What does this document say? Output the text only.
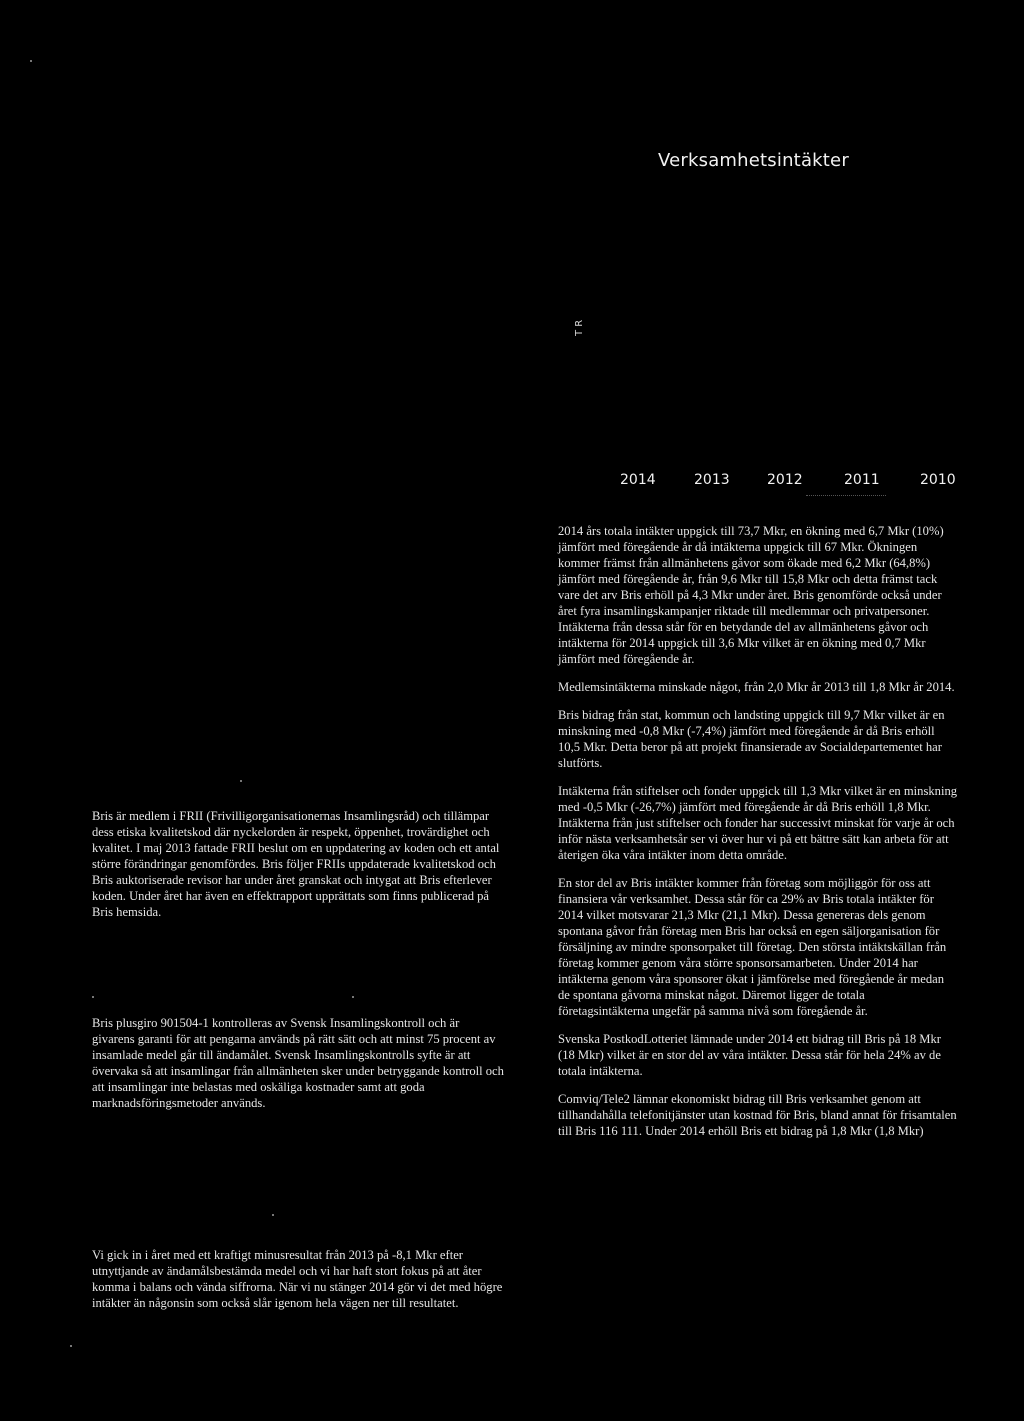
Verksamhetsintäkter
T R
2014	2013	2012	2011	2010

2014 års totala intäkter uppgick till 73,7 Mkr, en ökning med 6,7 Mkr (10%) jämfört med föregående år då intäkterna uppgick till 67 Mkr. Ökningen kommer främst från allmänhetens gåvor som ökade med 6,2 Mkr (64,8%) jämfört med föregående år, från 9,6 Mkr till 15,8 Mkr och detta främst tack vare det arv Bris erhöll på 4,3 Mkr under året. Bris genomförde också under året fyra insamlingskampanjer riktade till medlemmar och privatpersoner. Intäkterna från dessa står för en betydande del av allmänhetens gåvor och intäkterna för 2014 uppgick till 3,6 Mkr vilket är en ökning med 0,7 Mkr jämfört med föregående år.

Medlemsintäkterna minskade något, från 2,0 Mkr år 2013 till 1,8 Mkr år 2014.

Bris bidrag från stat, kommun och landsting uppgick till 9,7 Mkr vilket är en minskning med -0,8 Mkr (-7,4%) jämfört med föregående år då Bris erhöll 10,5 Mkr. Detta beror på att projekt finansierade av Socialdepartementet har slutförts.

Intäkterna från stiftelser och fonder uppgick till 1,3 Mkr vilket är en minskning med -0,5 Mkr (-26,7%) jämfört med föregående år då Bris erhöll 1,8 Mkr. Intäkterna från just stiftelser och fonder har successivt minskat för varje år och inför nästa verksamhetsår ser vi över hur vi på ett bättre sätt kan arbeta för att återigen öka våra intäkter inom detta område.

En stor del av Bris intäkter kommer från företag som möjliggör för oss att finansiera vår verksamhet. Dessa står för ca 29% av Bris totala intäkter för 2014 vilket motsvarar 21,3 Mkr (21,1 Mkr). Dessa genereras dels genom spontana gåvor från företag men Bris har också en egen säljorganisation för försäljning av mindre sponsorpaket till företag. Den största intäktskällan från företag kommer genom våra större sponsorsamarbeten. Under 2014 har intäkterna genom våra sponsorer ökat i jämförelse med föregående år medan de spontana gåvorna minskat något. Däremot ligger de totala företagsintäkterna ungefär på samma nivå som föregående år.

Svenska PostkodLotteriet lämnade under 2014 ett bidrag till Bris på 18 Mkr (18 Mkr) vilket är en stor del av våra intäkter. Dessa står för hela 24% av de totala intäkterna.

Comviq/Tele2 lämnar ekonomiskt bidrag till Bris verksamhet genom att tillhandahålla telefonitjänster utan kostnad för Bris, bland annat för frisamtalen till Bris 116 111. Under 2014 erhöll Bris ett bidrag på 1,8 Mkr (1,8 Mkr)

Bris är medlem i FRII (Frivilligorganisationernas Insamlingsråd) och tillämpar dess etiska kvalitetskod där nyckelorden är respekt, öppenhet, trovärdighet och kvalitet. I maj 2013 fattade FRII beslut om en uppdatering av koden och ett antal större förändringar genomfördes. Bris följer FRIIs uppdaterade kvalitetskod och Bris auktoriserade revisor har under året granskat och intygat att Bris efterlever koden. Under året har även en effektrapport upprättats som finns publicerad på Bris hemsida.

Bris plusgiro 901504-1 kontrolleras av Svensk Insamlingskontroll och är givarens garanti för att pengarna används på rätt sätt och att minst 75 procent av insamlade medel går till ändamålet. Svensk Insamlingskontrolls syfte är att övervaka så att insamlingar från allmänheten sker under betryggande kontroll och att insamlingar inte belastas med oskäliga kostnader samt att goda marknadsföringsmetoder används.

Vi gick in i året med ett kraftigt minusresultat från 2013 på -8,1 Mkr efter utnyttjande av ändamålsbestämda medel och vi har haft stort fokus på att åter komma i balans och vända siffrorna. När vi nu stänger 2014 gör vi det med högre intäkter än någonsin som också slår igenom hela vägen ner till resultatet.
